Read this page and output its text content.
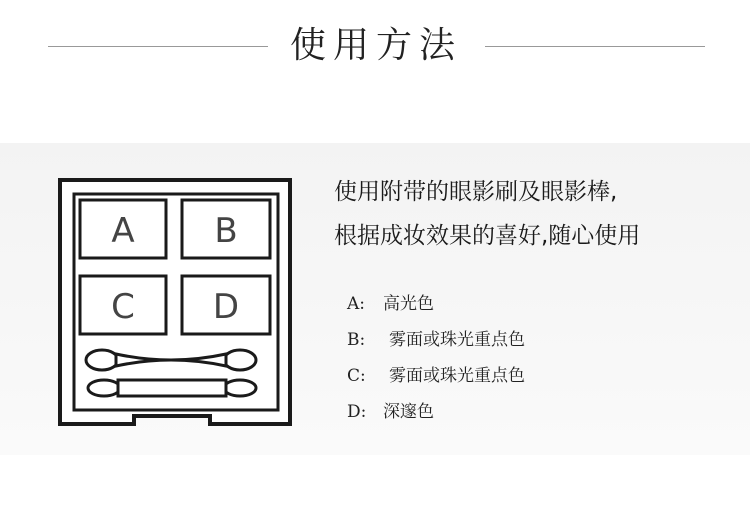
使用方法
A B
C D
使用附带的眼影刷及眼影棒,
根据成妆效果的喜好,随心使用
A: 高光色
B: 雾面或珠光重点色
C: 雾面或珠光重点色
D: 深邃色
